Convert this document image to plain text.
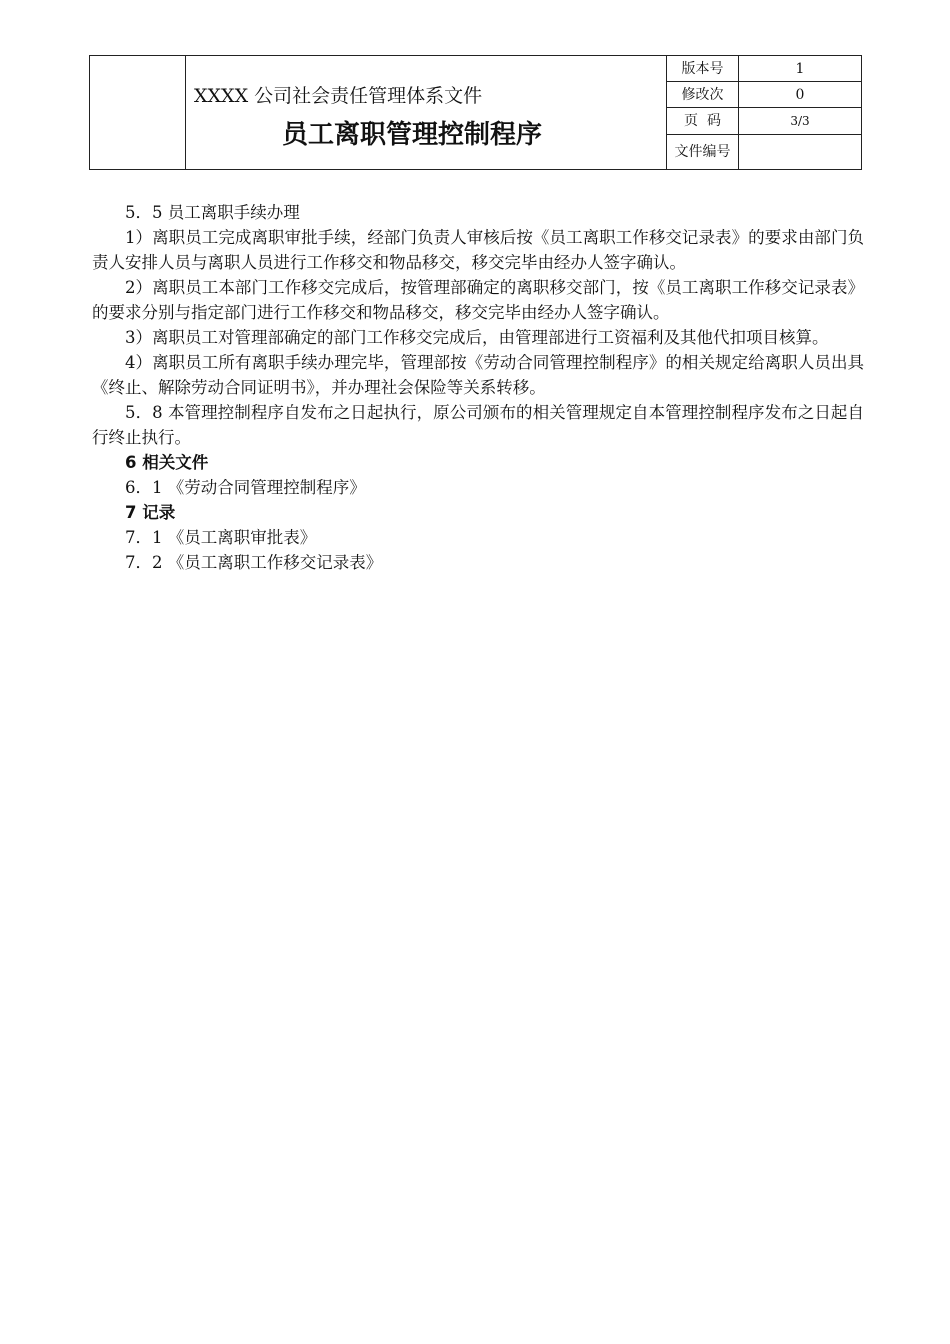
	XXXX 公司社会责任管理体系文件
员工离职管理控制程序	版本号	1
		修改次	0
		页  码	3/3
		文件编号	

5．5 员工离职手续办理

1）离职员工完成离职审批手续，经部门负责人审核后按《员工离职工作移交记录表》的要求由部门负责人安排人员与离职人员进行工作移交和物品移交，移交完毕由经办人签字确认。

2）离职员工本部门工作移交完成后，按管理部确定的离职移交部门，按《员工离职工作移交记录表》的要求分别与指定部门进行工作移交和物品移交，移交完毕由经办人签字确认。

3）离职员工对管理部确定的部门工作移交完成后，由管理部进行工资福利及其他代扣项目核算。

4）离职员工所有离职手续办理完毕，管理部按《劳动合同管理控制程序》的相关规定给离职人员出具《终止、解除劳动合同证明书》，并办理社会保险等关系转移。

5．8 本管理控制程序自发布之日起执行，原公司颁布的相关管理规定自本管理控制程序发布之日起自行终止执行。

6 相关文件

6．1 《劳动合同管理控制程序》

7 记录

7．1 《员工离职审批表》

7．2 《员工离职工作移交记录表》
